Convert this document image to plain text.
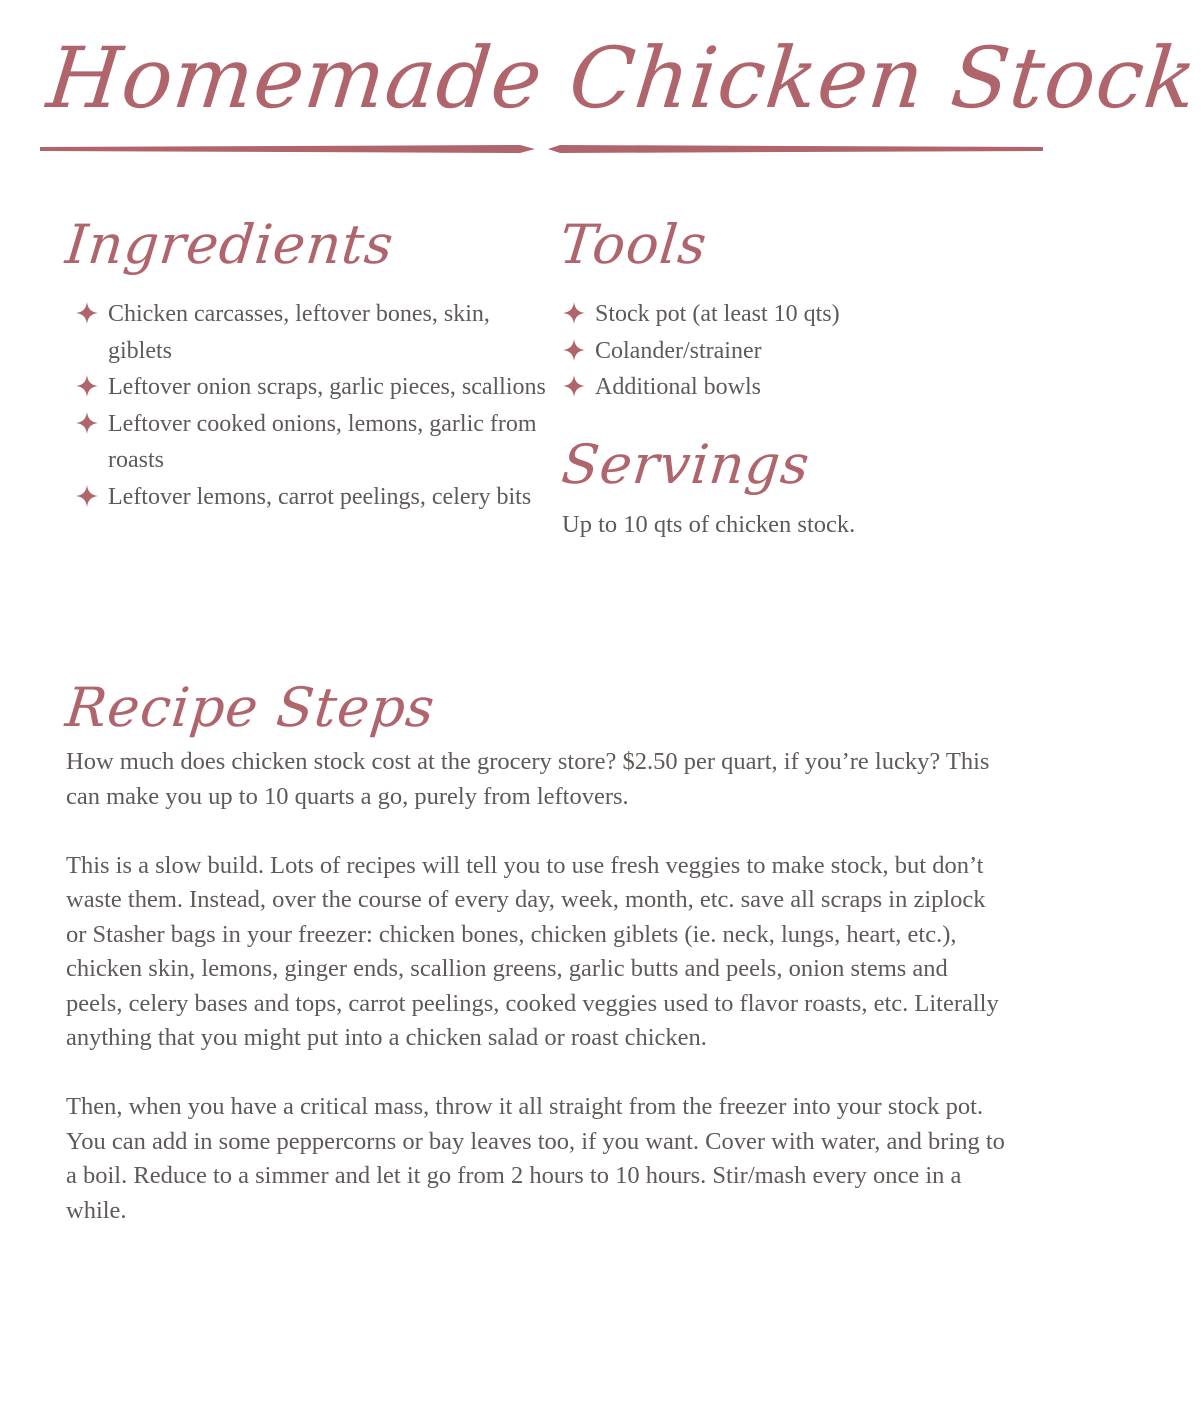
Homemade Chicken Stock
Ingredients
Chicken carcasses, leftover bones, skin, giblets
Leftover onion scraps, garlic pieces, scallions
Leftover cooked onions, lemons, garlic from roasts
Leftover lemons, carrot peelings, celery bits
Tools
Stock pot (at least 10 qts)
Colander/strainer
Additional bowls
Servings

Up to 10 qts of chicken stock.

Recipe Steps

How much does chicken stock cost at the grocery store? $2.50 per quart, if you’re lucky? This can make you up to 10 quarts a go, purely from leftovers.

This is a slow build. Lots of recipes will tell you to use fresh veggies to make stock, but don’t waste them. Instead, over the course of every day, week, month, etc. save all scraps in ziplock or Stasher bags in your freezer: chicken bones, chicken giblets (ie. neck, lungs, heart, etc.), chicken skin, lemons, ginger ends, scallion greens, garlic butts and peels, onion stems and peels, celery bases and tops, carrot peelings, cooked veggies used to flavor roasts, etc. Literally anything that you might put into a chicken salad or roast chicken.

Then, when you have a critical mass, throw it all straight from the freezer into your stock pot. You can add in some peppercorns or bay leaves too, if you want. Cover with water, and bring to a boil. Reduce to a simmer and let it go from 2 hours to 10 hours. Stir/mash every once in a while.
